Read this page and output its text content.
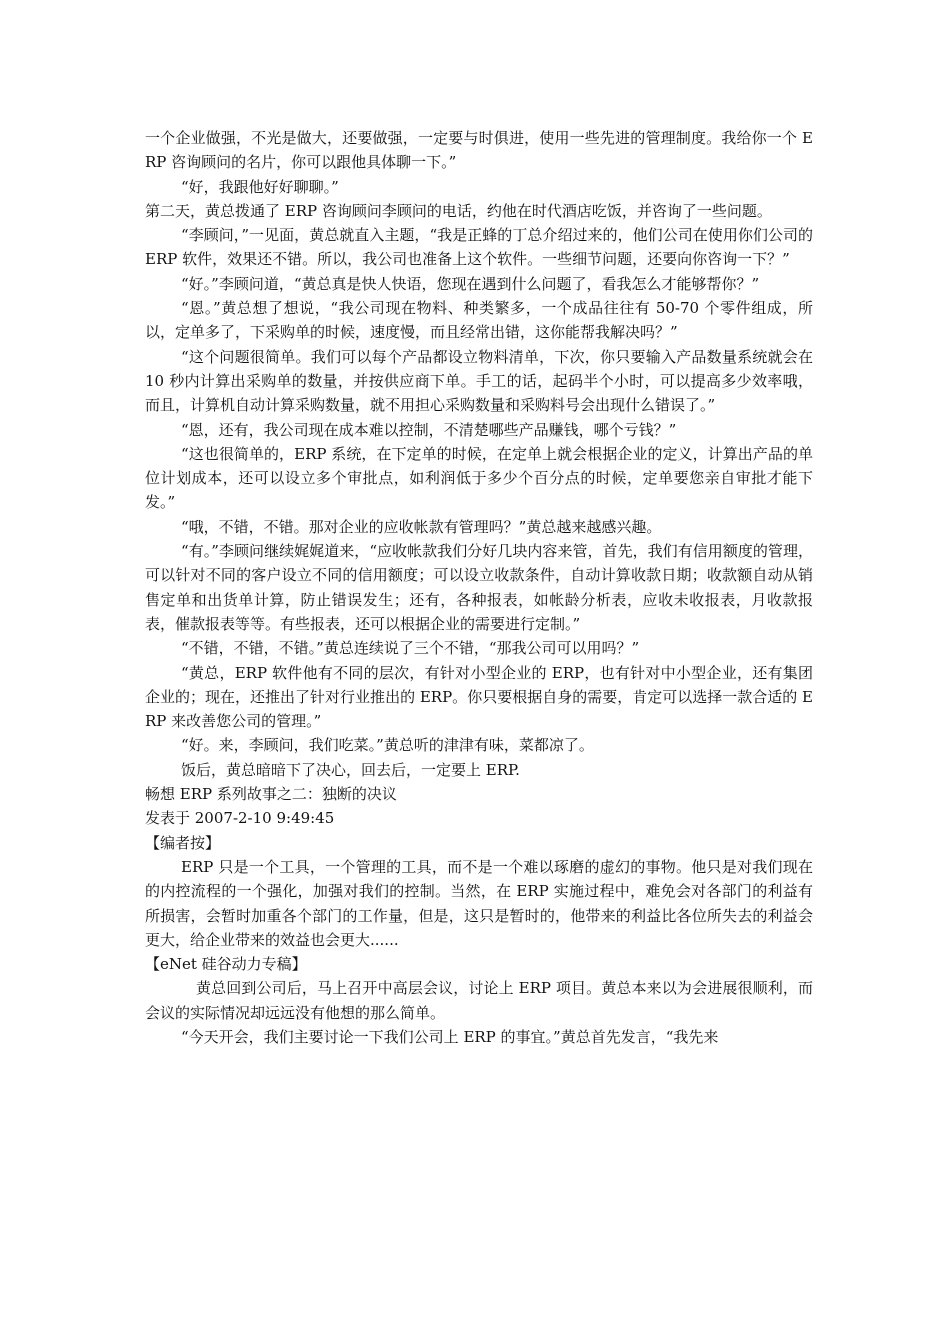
一个企业做强，不光是做大，还要做强，一定要与时俱进，使用一些先进的管理制度。我给你一个 ERP 咨询顾问的名片，你可以跟他具体聊一下。”

“好，我跟他好好聊聊。”

第二天，黄总拨通了 ERP 咨询顾问李顾问的电话，约他在时代酒店吃饭，并咨询了一些问题。

“李顾问，”一见面，黄总就直入主题，“我是正蜂的丁总介绍过来的，他们公司在使用你们公司的 ERP 软件，效果还不错。所以，我公司也准备上这个软件。一些细节问题，还要向你咨询一下？”

“好。”李顾问道，“黄总真是快人快语，您现在遇到什么问题了，看我怎么才能够帮你？”

“恩。”黄总想了想说，“我公司现在物料、种类繁多，一个成品往往有 50-70 个零件组成，所以，定单多了，下采购单的时候，速度慢，而且经常出错，这你能帮我解决吗？”

“这个问题很简单。我们可以每个产品都设立物料清单，下次，你只要输入产品数量系统就会在 10 秒内计算出采购单的数量，并按供应商下单。手工的话，起码半个小时，可以提高多少效率哦，而且，计算机自动计算采购数量，就不用担心采购数量和采购料号会出现什么错误了。”

“恩，还有，我公司现在成本难以控制，不清楚哪些产品赚钱，哪个亏钱？”

“这也很简单的，ERP 系统，在下定单的时候，在定单上就会根据企业的定义，计算出产品的单位计划成本，还可以设立多个审批点，如利润低于多少个百分点的时候，定单要您亲自审批才能下发。”

“哦，不错，不错。那对企业的应收帐款有管理吗？”黄总越来越感兴趣。

“有。”李顾问继续娓娓道来，“应收帐款我们分好几块内容来管，首先，我们有信用额度的管理，可以针对不同的客户设立不同的信用额度；可以设立收款条件，自动计算收款日期；收款额自动从销售定单和出货单计算，防止错误发生；还有，各种报表，如帐龄分析表，应收未收报表，月收款报表，催款报表等等。有些报表，还可以根据企业的需要进行定制。”

“不错，不错，不错。”黄总连续说了三个不错，“那我公司可以用吗？”

“黄总，ERP 软件他有不同的层次，有针对小型企业的 ERP，也有针对中小型企业，还有集团企业的；现在，还推出了针对行业推出的 ERP。你只要根据自身的需要，肯定可以选择一款合适的 ERP 来改善您公司的管理。”

“好。来，李顾问，我们吃菜。”黄总听的津津有味，菜都凉了。

饭后，黄总暗暗下了决心，回去后，一定要上 ERP.

畅想 ERP 系列故事之二：独断的决议

发表于 2007-2-10 9:49:45

【编者按】

ERP 只是一个工具，一个管理的工具，而不是一个难以琢磨的虚幻的事物。他只是对我们现在的内控流程的一个强化，加强对我们的控制。当然，在 ERP 实施过程中，难免会对各部门的利益有所损害，会暂时加重各个部门的工作量，但是，这只是暂时的，他带来的利益比各位所失去的利益会更大，给企业带来的效益也会更大......

【eNet 硅谷动力专稿】

黄总回到公司后，马上召开中高层会议，讨论上 ERP 项目。黄总本来以为会进展很顺利，而会议的实际情况却远远没有他想的那么简单。

“今天开会，我们主要讨论一下我们公司上 ERP 的事宜。”黄总首先发言，“我先来
